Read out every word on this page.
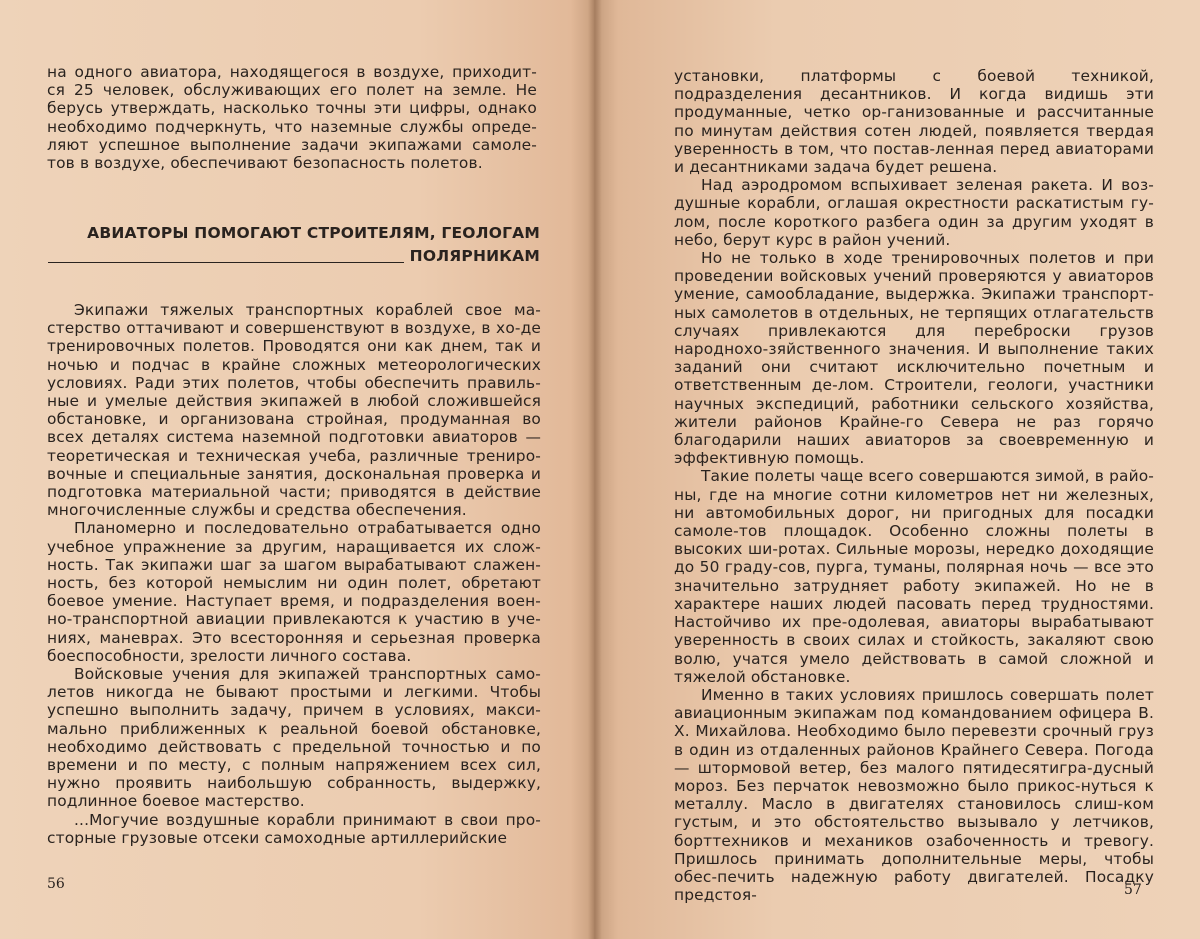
на одного авиатора, находящегося в воздухе, приходит-ся 25 человек, обслуживающих его полет на земле. Не берусь утверждать, насколько точны эти цифры, однако необходимо подчеркнуть, что наземные службы опреде-ляют успешное выполнение задачи экипажами самоле-тов в воздухе, обеспечивают безопасность полетов.

АВИАТОРЫ ПОМОГАЮТ СТРОИТЕЛЯМ, ГЕОЛОГАМ
ПОЛЯРНИКАМ

Экипажи тяжелых транспортных кораблей свое ма-стерство оттачивают и совершенствуют в воздухе, в хо-де тренировочных полетов. Проводятся они как днем, так и ночью и подчас в крайне сложных метеорологических условиях. Ради этих полетов, чтобы обеспечить правиль-ные и умелые действия экипажей в любой сложившейся обстановке, и организована стройная, продуманная во всех деталях система наземной подготовки авиаторов — теоретическая и техническая учеба, различные трениро-вочные и специальные занятия, доскональная проверка и подготовка материальной части; приводятся в действие многочисленные службы и средства обеспечения.

Планомерно и последовательно отрабатывается одно учебное упражнение за другим, наращивается их слож-ность. Так экипажи шаг за шагом вырабатывают слажен-ность, без которой немыслим ни один полет, обретают боевое умение. Наступает время, и подразделения воен-но-транспортной авиации привлекаются к участию в уче-ниях, маневрах. Это всесторонняя и серьезная проверка боеспособности, зрелости личного состава.

Войсковые учения для экипажей транспортных само-летов никогда не бывают простыми и легкими. Чтобы успешно выполнить задачу, причем в условиях, макси-мально приближенных к реальной боевой обстановке, необходимо действовать с предельной точностью и по времени и по месту, с полным напряжением всех сил, нужно проявить наибольшую собранность, выдержку, подлинное боевое мастерство.

...Могучие воздушные корабли принимают в свои про-сторные грузовые отсеки самоходные артиллерийские

56	57

установки, платформы с боевой техникой, подразделения десантников. И когда видишь эти продуманные, четко ор-ганизованные и рассчитанные по минутам действия сотен людей, появляется твердая уверенность в том, что постав-ленная перед авиаторами и десантниками задача будет решена.

Над аэродромом вспыхивает зеленая ракета. И воз-душные корабли, оглашая окрестности раскатистым гу-лом, после короткого разбега один за другим уходят в небо, берут курс в район учений.

Но не только в ходе тренировочных полетов и при проведении войсковых учений проверяются у авиаторов умение, самообладание, выдержка. Экипажи транспорт-ных самолетов в отдельных, не терпящих отлагательств случаях привлекаются для переброски грузов народнохо-зяйственного значения. И выполнение таких заданий они считают исключительно почетным и ответственным де-лом. Строители, геологи, участники научных экспедиций, работники сельского хозяйства, жители районов Крайне-го Севера не раз горячо благодарили наших авиаторов за своевременную и эффективную помощь.

Такие полеты чаще всего совершаются зимой, в райо-ны, где на многие сотни километров нет ни железных, ни автомобильных дорог, ни пригодных для посадки самоле-тов площадок. Особенно сложны полеты в высоких ши-ротах. Сильные морозы, нередко доходящие до 50 граду-сов, пурга, туманы, полярная ночь — все это значительно затрудняет работу экипажей. Но не в характере наших людей пасовать перед трудностями. Настойчиво их пре-одолевая, авиаторы вырабатывают уверенность в своих силах и стойкость, закаляют свою волю, учатся умело действовать в самой сложной и тяжелой обстановке.

Именно в таких условиях пришлось совершать полет авиационным экипажам под командованием офицера В. Х. Михайлова. Необходимо было перевезти срочный груз в один из отдаленных районов Крайнего Севера. Погода — штормовой ветер, без малого пятидесятигра-дусный мороз. Без перчаток невозможно было прикос-нуться к металлу. Масло в двигателях становилось слиш-ком густым, и это обстоятельство вызывало у летчиков, борттехников и механиков озабоченность и тревогу. Пришлось принимать дополнительные меры, чтобы обес-печить надежную работу двигателей. Посадку предстоя-
